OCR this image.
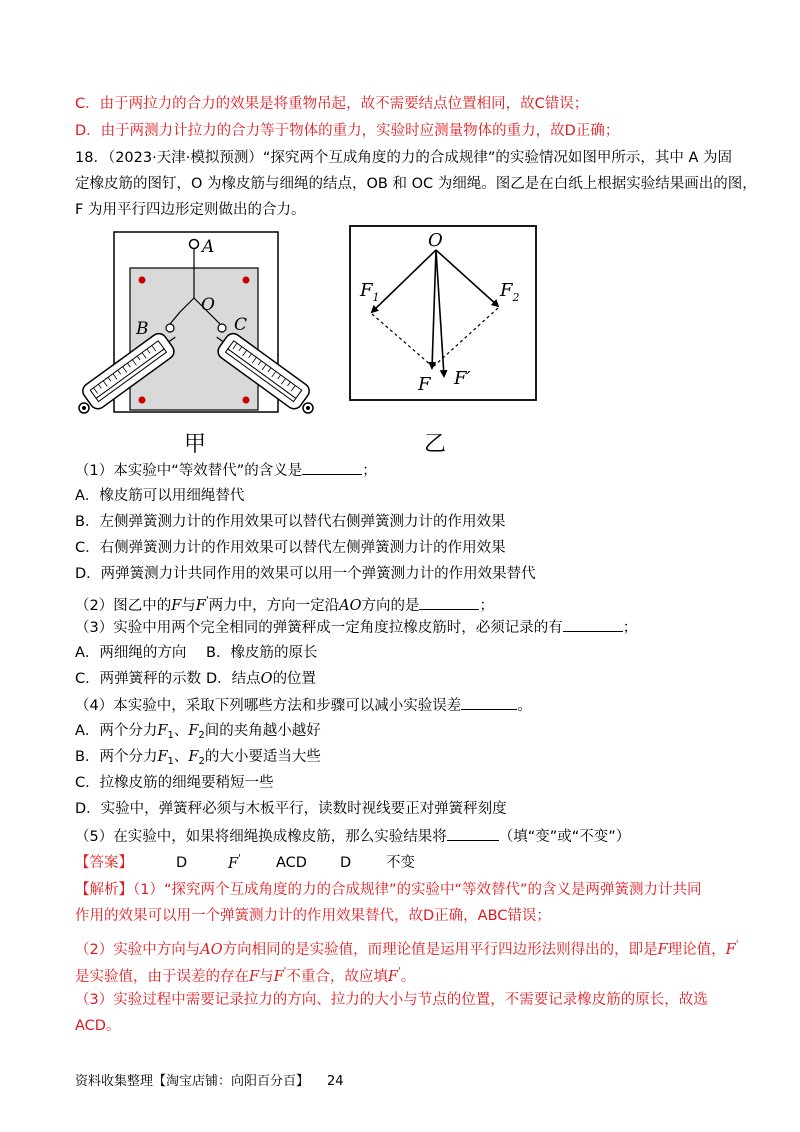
C．由于两拉力的合力的效果是将重物吊起，故不需要结点位置相同，故C错误；
D．由于两测力计拉力的合力等于物体的重力，实验时应测量物体的重力，故D正确；
18．（2023·天津·模拟预测）“探究两个互成角度的力的合成规律”的实验情况如图甲所示，其中 A 为固
定橡皮筋的图钉，O 为橡皮筋与细绳的结点，OB 和 OC 为细绳。图乙是在白纸上根据实验结果画出的图，
F 为用平行四边形定则做出的合力。
A
O
B	C
甲
O
$F_1$	$F_2$
F F′
乙
（1）本实验中“等效替代”的含义是	；
A．橡皮筋可以用细绳替代
B．左侧弹簧测力计的作用效果可以替代右侧弹簧测力计的作用效果
C．右侧弹簧测力计的作用效果可以替代左侧弹簧测力计的作用效果
D．两弹簧测力计共同作用的效果可以用一个弹簧测力计的作用效果替代
（2）图乙中的F与F'两力中，方向一定沿AO方向的是	；
（3）实验中用两个完全相同的弹簧秤成一定角度拉橡皮筋时，必须记录的有	；
A．两细绳的方向 B．橡皮筋的原长
C．两弹簧秤的示数 D．结点O的位置
（4）本实验中，采取下列哪些方法和步骤可以减小实验误差	。
A．两个分力$F_1$、$F_2$间的夹角越小越好
B．两个分力$F_1$、$F_2$的大小要适当大些
C．拉橡皮筋的细绳要稍短一些
D．实验中，弹簧秤必须与木板平行，读数时视线要正对弹簧秤刻度
（5）在实验中，如果将细绳换成橡皮筋，那么实验结果将	（填“变”或“不变”）
【答案】	D	F' ACD D 不变
【解析】（1）“探究两个互成角度的力的合成规律”的实验中“等效替代”的含义是两弹簧测力计共同
作用的效果可以用一个弹簧测力计的作用效果替代，故D正确，ABC错误；
（2）实验中方向与AO方向相同的是实验值，而理论值是运用平行四边形法则得出的，即是F理论值，F'
是实验值，由于误差的存在F与F'不重合，故应填F'。
（3）实验过程中需要记录拉力的方向、拉力的大小与节点的位置，不需要记录橡皮筋的原长，故选
ACD。
资料收集整理【淘宝店铺：向阳百分百】 24
